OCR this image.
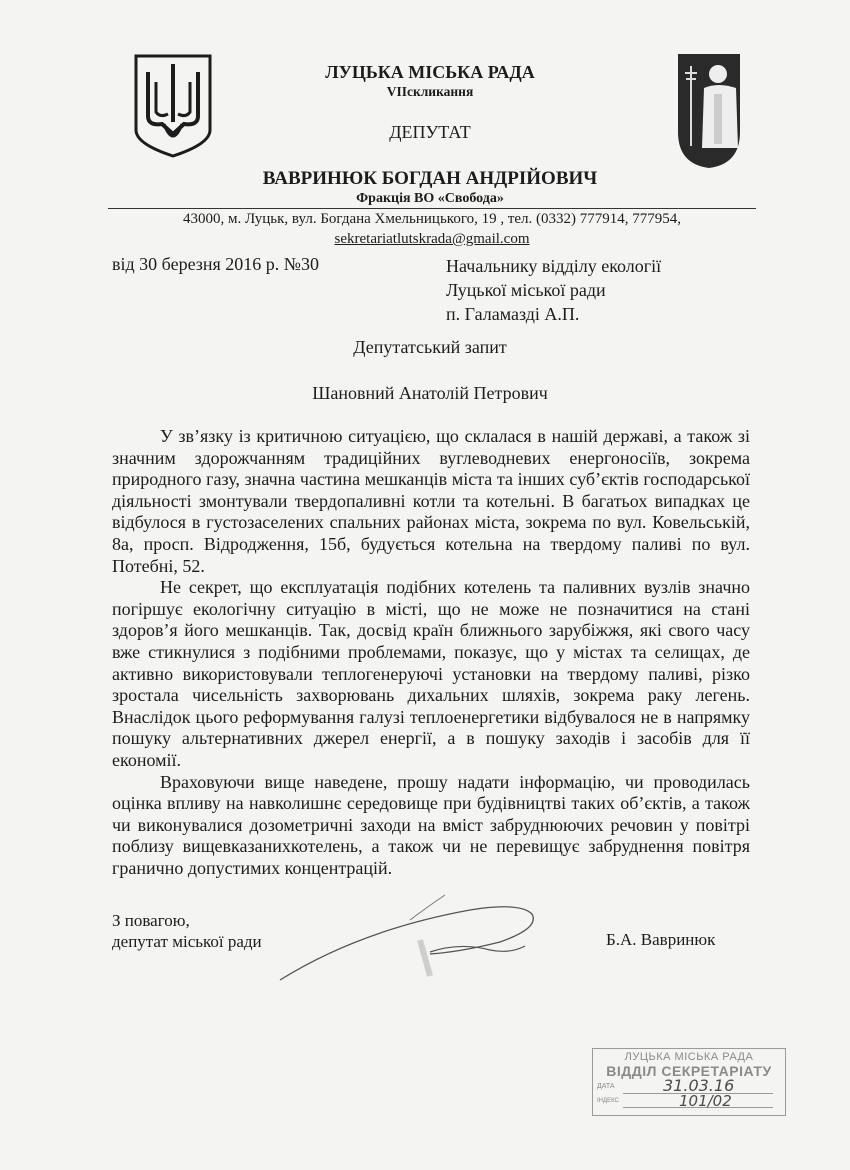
ЛУЦЬКА МІСЬКА РАДА
VIIскликання
ДЕПУТАТ
ВАВРИНЮК БОГДАН АНДРІЙОВИЧ
Фракція ВО «Свобода»
43000, м. Луцьк, вул. Богдана Хмельницького, 19 , тел. (0332) 777914, 777954,
sekretariatlutskrada@gmail.com
від 30 березня 2016 р. №30	Начальнику відділу екології
Луцької міської ради
п. Галамазді А.П.
Депутатський запит
Шановний Анатолій Петрович

У зв’язку із критичною ситуацією, що склалася в нашій державі, а також зі значним здорожчанням традиційних вуглеводневих енергоносіїв, зокрема природного газу, значна частина мешканців міста та інших суб’єктів господарської діяльності змонтували твердопаливні котли та котельні. В багатьох випадках це відбулося в густозаселених спальних районах міста, зокрема по вул. Ковельській, 8а, просп. Відродження, 15б, будується котельна на твердому паливі по вул. Потебні, 52.

Не секрет, що експлуатація подібних котелень та паливних вузлів значно погіршує екологічну ситуацію в місті, що не може не позначитися на стані здоров’я його мешканців. Так, досвід країн ближнього зарубіжжя, які свого часу вже стикнулися з подібними проблемами, показує, що у містах та селищах, де активно використовували теплогенеруючі установки на твердому паливі, різко зростала чисельність захворювань дихальних шляхів, зокрема раку легень. Внаслідок цього реформування галузі теплоенергетики відбувалося не в напрямку пошуку альтернативних джерел енергії, а в пошуку заходів і засобів для її економії.

Враховуючи вище наведене, прошу надати інформацію, чи проводилась оцінка впливу на навколишнє середовище при будівництві таких об’єктів, а також чи виконувалися дозометричні заходи на вміст забруднюючих речовин у повітрі поблизу вищевказанихкотелень, а також чи не перевищує забруднення повітря гранично допустимих концентрацій.

З повагою,
депутат міської ради	Б.А. Вавринюк
ЛУЦЬКА МІСЬКА РАДА
ВІДДІЛ СЕКРЕТАРІАТУ
ДАТА
ІНДЕКС
31.03.16
101/02
